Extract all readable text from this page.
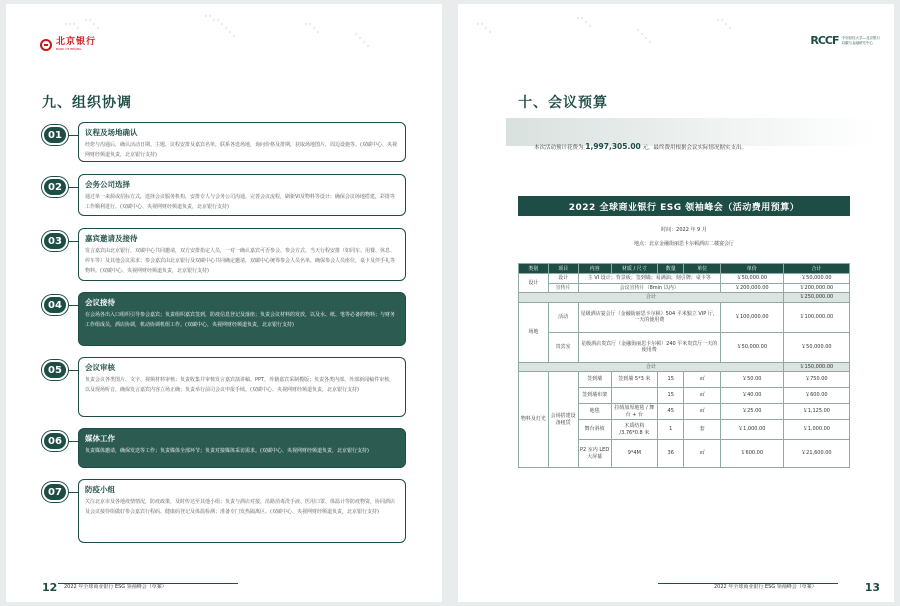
北京银行
BANK OF BEIJING
九、组织协调
01	议程及场地确认

经您与沟通后，确认活动日期、主题、议程安排及嘉宾名单，联系各选场地，询问价格及排期，获取场地图片，周边设施等。(双碳中心、央视网财经频道负责，北京银行支持)

02	会务公司选择

通过单一来源或招标方式，选择会议服务机构，安排专人与会务公司沟通，完善会议流程，刷新VI及物料等设计；确保会议场地搭建，彩排等工作顺利进行。(双碳中心、央视网财经频道负责，北京银行支持)

03	嘉宾邀请及接待

发言嘉宾由北京银行、双碳中心共同邀请，双方安排指定人员，一对一确认嘉宾可否参会、参会方式、当天行程安排（如同车、用餐、休息、停车等）及其他会议需求；参会嘉宾由北京银行及双碳中心共同确定邀请，双碳中心统筹参会人员名单，确保参会人员座位，桌卡及伴手礼等物料。(双碳中心、央视网财经频道负责，北京银行支持)

04	会议接待

在会场各出入口组织引导参会嘉宾；负责组织嘉宾签到，防疫信息登记及落座；负责会议材料的发放，以及水、纸、笔等必备的物料；与财务工作组成员，酒店协调，机动协调机组工作。(双碳中心，央视网财经频道负责，北京银行支持)

05	会议审核

负责会议各类图片、文字、视频材料审核；负责收集并审核发言嘉宾演讲稿、PPT，外籍嘉宾采制模版；负责各类内部、外部新闻稿件审核，以及现场听音，确保发言嘉宾内容立场正确；负责举行前司会议申报手续。(双碳中心、央视网财经频道负责，北京银行支持)

06	媒体工作

负责媒体邀请，确保发送等工作；负责媒体全部环节；负责对接媒体采访需求。(双碳中心、央视网财经频道负责，北京银行支持)

07	防疫小组

关注北京市及各地疫情情况，防疫政策，及时传达至其他小组；负责与酒店对接，沿路消毒洗手液、医用口罩、体温计等防疫物资，协同酒店及会议接待组做好参会嘉宾行程码、健康码登记及体温检测；准备专门发热隔离区。(双碳中心、央视网财经频道负责，北京银行支持)

12 2022 年全球商业银行 ESG 领袖峰会（草案）
RCCF 中央财经大学—北京银行
双碳与金融研究中心
十、会议预算
本次活动预计花费为 1,997,305.00 元，最终费用根据会议实际情况据实支出。
2022 全球商业银行 ESG 领袖峰会（活动费用预算）
时间：2022 年 9 月
地点：北京金融街丽思卡尔顿酒店二楼宴会厅
类别	项目	内容	材质 / 尺寸	数量	单位	单价	合计
设计	设计	主 VI 设计；背景板；签到墙；易满油；刻引牌；桌卡等				￥50,000.00	￥50,000.00
	宣传片	会议宣传片（8min 以内）				￥200,000.00	￥200,000.00
合计							￥250,000.00
场地	活动	星级酒店宴会厅（金融街丽思卡尔顿）504 平米独立 VIP 厅，一天的使用费				￥100,000.00	￥100,000.00
	贵宾室	星级酒店贵宾厅（金融街丽思卡尔顿）240 平米贵宾厅一天的使用费				￥50,000.00	￥50,000.00
合计							￥150,000.00
物料及灯光	会场搭建设备租赁	签到墙	签到墙 5*3 米	15	㎡	￥50.00	￥750.00
		签到墙布架		15	㎡	￥40.00	￥600.00
		地毯	拉绒加厚地毯 / 舞台 + 台	45	㎡	￥25.00	￥1,125.00
		舞台斜坡	木质结构 /3.76*0.8 米	1	套	￥1,000.00	￥1,000.00
		P2 室内 LED 大屏幕	9*4M	36	㎡	￥600.00	￥21,600.00
2022 年全球商业银行 ESG 领袖峰会（草案）	13
